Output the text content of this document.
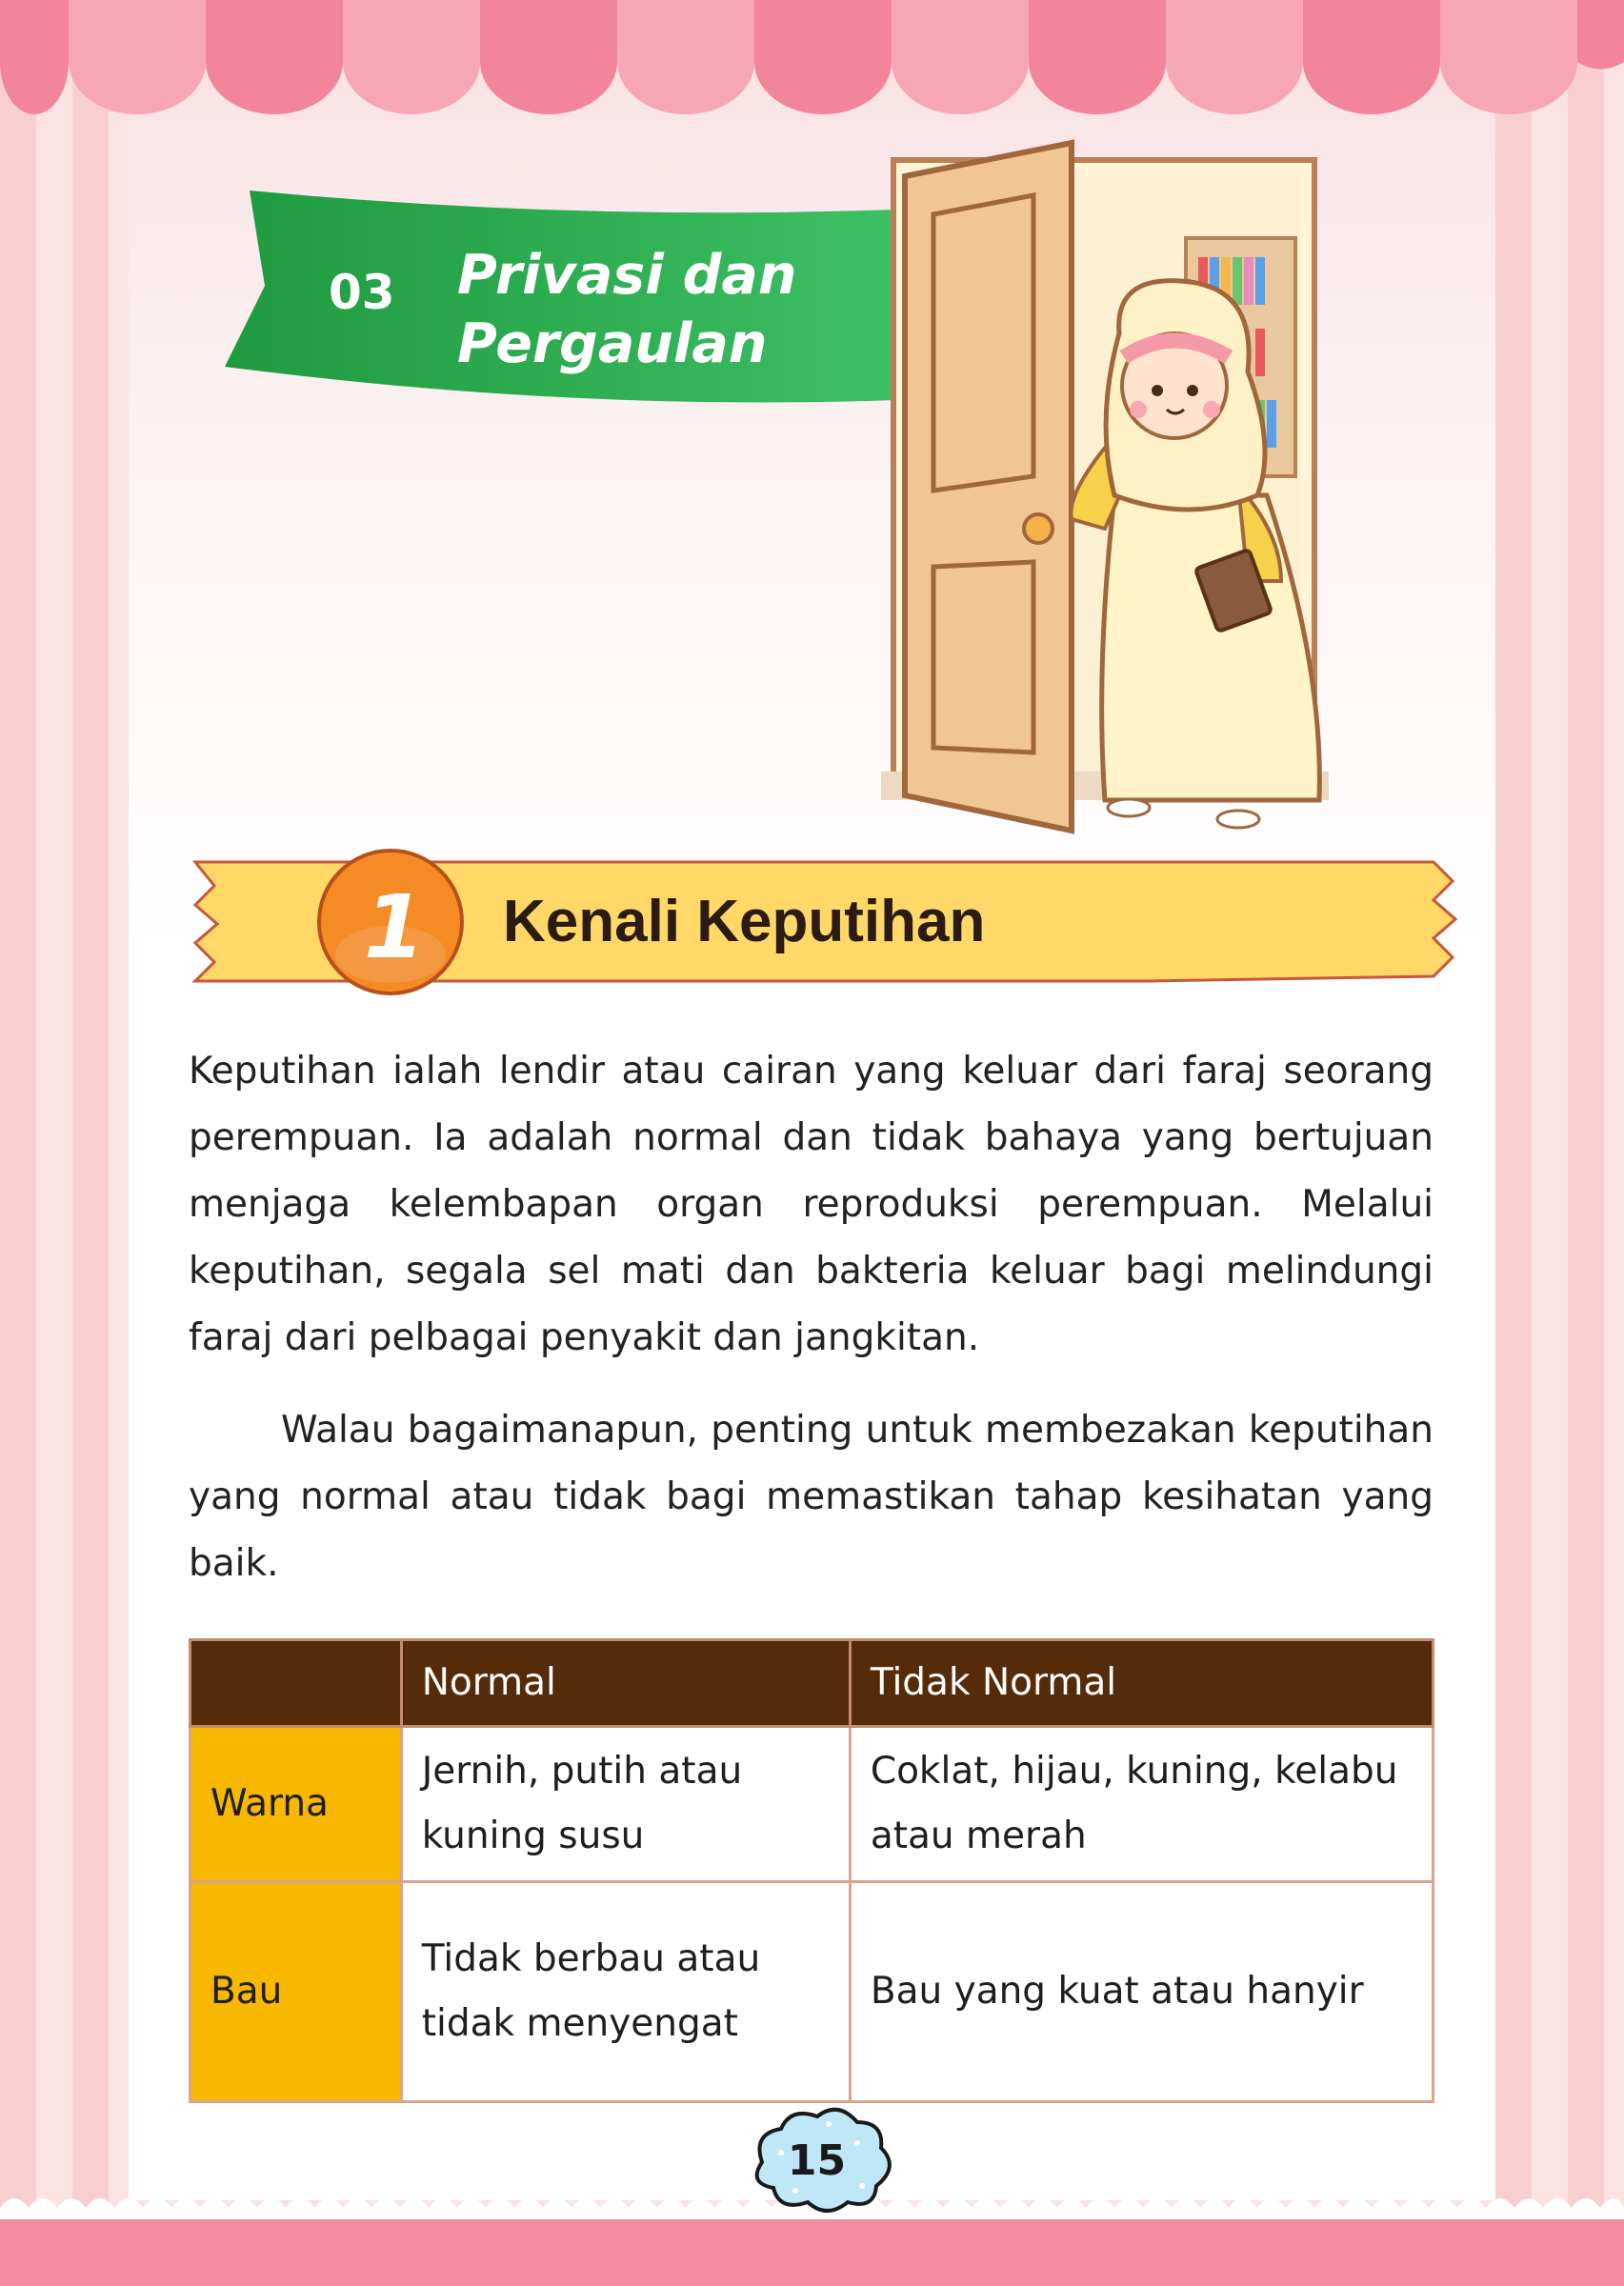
03 Privasi dan Pergaulan
1 Kenali Keputihan

Keputihan ialah lendir atau cairan yang keluar dari faraj seorang perempuan. Ia adalah normal dan tidak bahaya yang bertujuan menjaga kelembapan organ reproduksi perempuan. Melalui keputihan, segala sel mati dan bakteria keluar bagi melindungi faraj dari pelbagai penyakit dan jangkitan.

Walau bagaimanapun, penting untuk membezakan keputihan yang normal atau tidak bagi memastikan tahap kesihatan yang baik.

	Normal	Tidak Normal
Warna	Jernih, putih atau kuning susu	Coklat, hijau, kuning, kelabu atau merah
Bau	Tidak berbau atau tidak menyengat	Bau yang kuat atau hanyir
15
